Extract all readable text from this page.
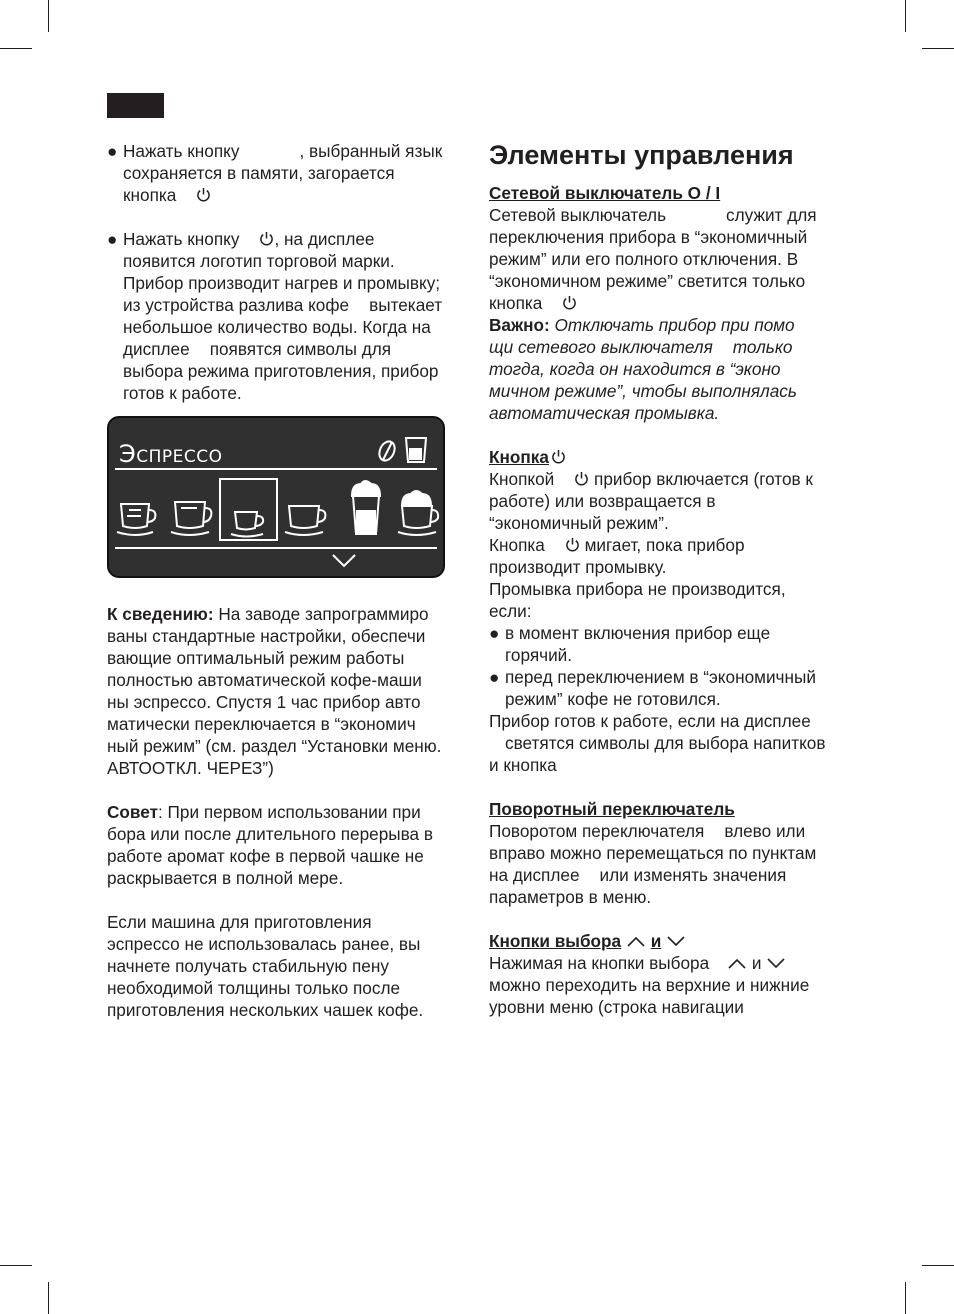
● Нажать кнопку	, выбранный язык

сохраняется в памяти, загорается

кнопка

● Нажать кнопку , на дисплее

появится логотип торговой марки.

Прибор производит нагрев и промывку;

из устройства разлива кофе вытекает

небольшое количество воды. Когда на

дисплее появятся символы для

выбора режима приготовления, прибор

готов к работе.

ЭСПРЕССО

К сведению: На заводе запрограммиро

ваны стандартные настройки, обеспечи

вающие оптимальный режим работы

полностью автоматической кофе-маши

ны эспрессо. Спустя 1 час прибор авто

матически переключается в “экономич

ный режим” (см. раздел “Установки меню.

АВТООТКЛ. ЧЕРЕЗ”)

Совет: При первом использовании при

бора или после длительного перерыва в

работе аромат кофе в первой чашке не

раскрывается в полной мере.

Если машина для приготовления

эспрессо не использовалась ранее, вы

начнете получать стабильную пену

необходимой толщины только после

приготовления нескольких чашек кофе.

Элементы управления

Сетевой выключатель O / I

Сетевой выключатель	служит для

переключения прибора в “экономичный

режим” или его полного отключения. В

“экономичном режиме” светится только

кнопка

Важно: Отключать прибор при помо

щи сетевого выключателя только

тогда, когда он находится в “эконо

мичном режиме”, чтобы выполнялась

автоматическая промывка.

Кнопка

Кнопкой прибор включается (готов к

работе) или возвращается в

“экономичный режим”.

Кнопка мигает, пока прибор

производит промывку.

Промывка прибора не производится,

если:

● в момент включения прибор еще

горячий.

● перед переключением в “экономичный

режим” кофе не готовился.

Прибор готов к работе, если на дисплее

светятся символы для выбора напитков

и кнопка

Поворотный переключатель

Поворотом переключателя влево или

вправо можно перемещаться по пунктам

на дисплее или изменять значения

параметров в меню.

Кнопки выбора и

Нажимая на кнопки выбора и

можно переходить на верхние и нижние

уровни меню (строка навигации
